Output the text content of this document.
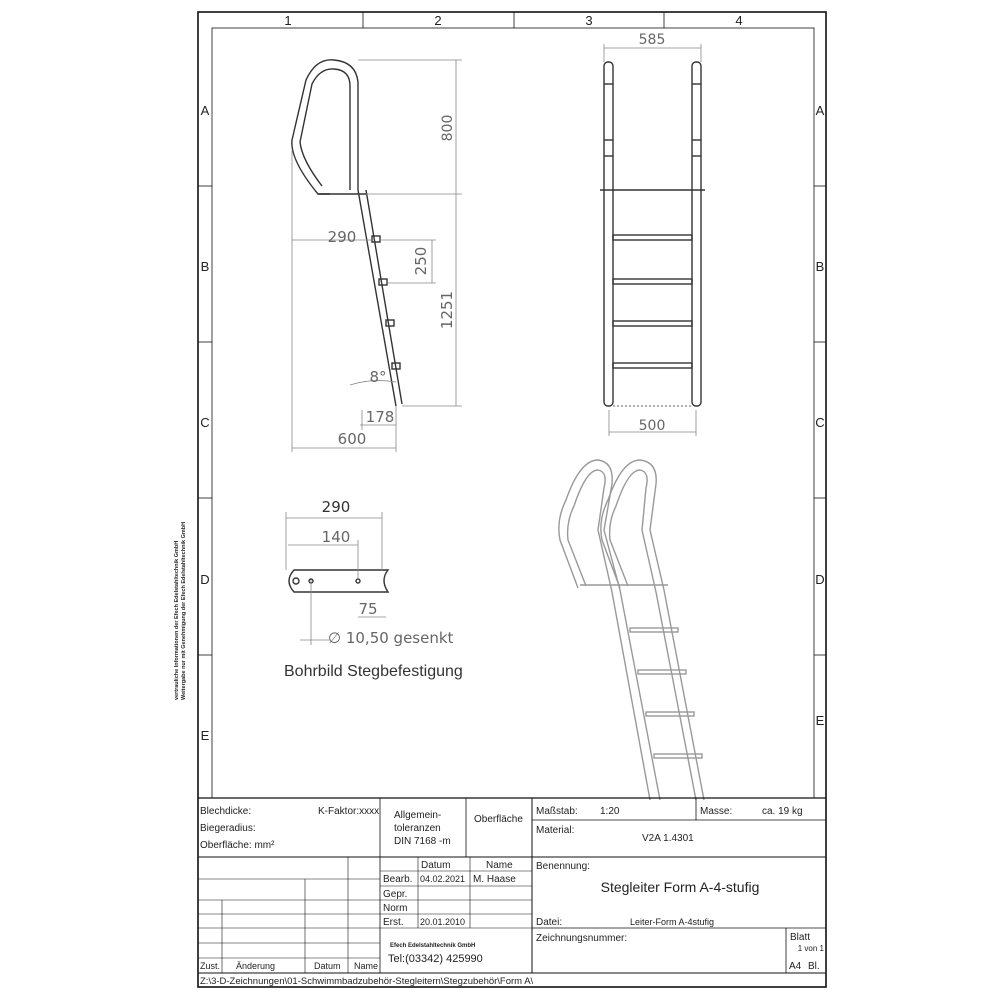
1	2	3	4
A
B
C
D
E
A
B
C
D
E
vertrauliche Informationen der Efech Edelstahltechnik GmbH Weitergabe nur mit Genehmigung der Efech Edelstahltechnik GmbH
800
290
250
1251
8°
178
600
585
500
290
140
75
∅ 10,50 gesenkt
Bohrbild Stegbefestigung
Blechdicke:	K-Faktor:xxxx
Biegeradius:
Oberfläche: mm²
Allgemein-
toleranzen
DIN 7168 -m
Oberfläche
Maßstab: 1:20	Masse:	ca. 19 kg
Material:
V2A 1.4301
Datum	Name
Bearb. 04.02.2021 M. Haase
Gepr.
Norm
Erst. 20.01.2010
Benennung:
Stegleiter Form A-4-stufig
Efech Edelstahltechnik GmbH
Tel:(03342) 425990
Datei:	Leiter-Form A-4stufig
Zeichnungsnummer:	Blatt
1 von 1
A4 Bl.
Zust. Änderung	Datum Name
Z:\3-D-Zeichnungen\01-Schwimmbadzubehör-Stegleitern\Stegzubehör\Form A\
